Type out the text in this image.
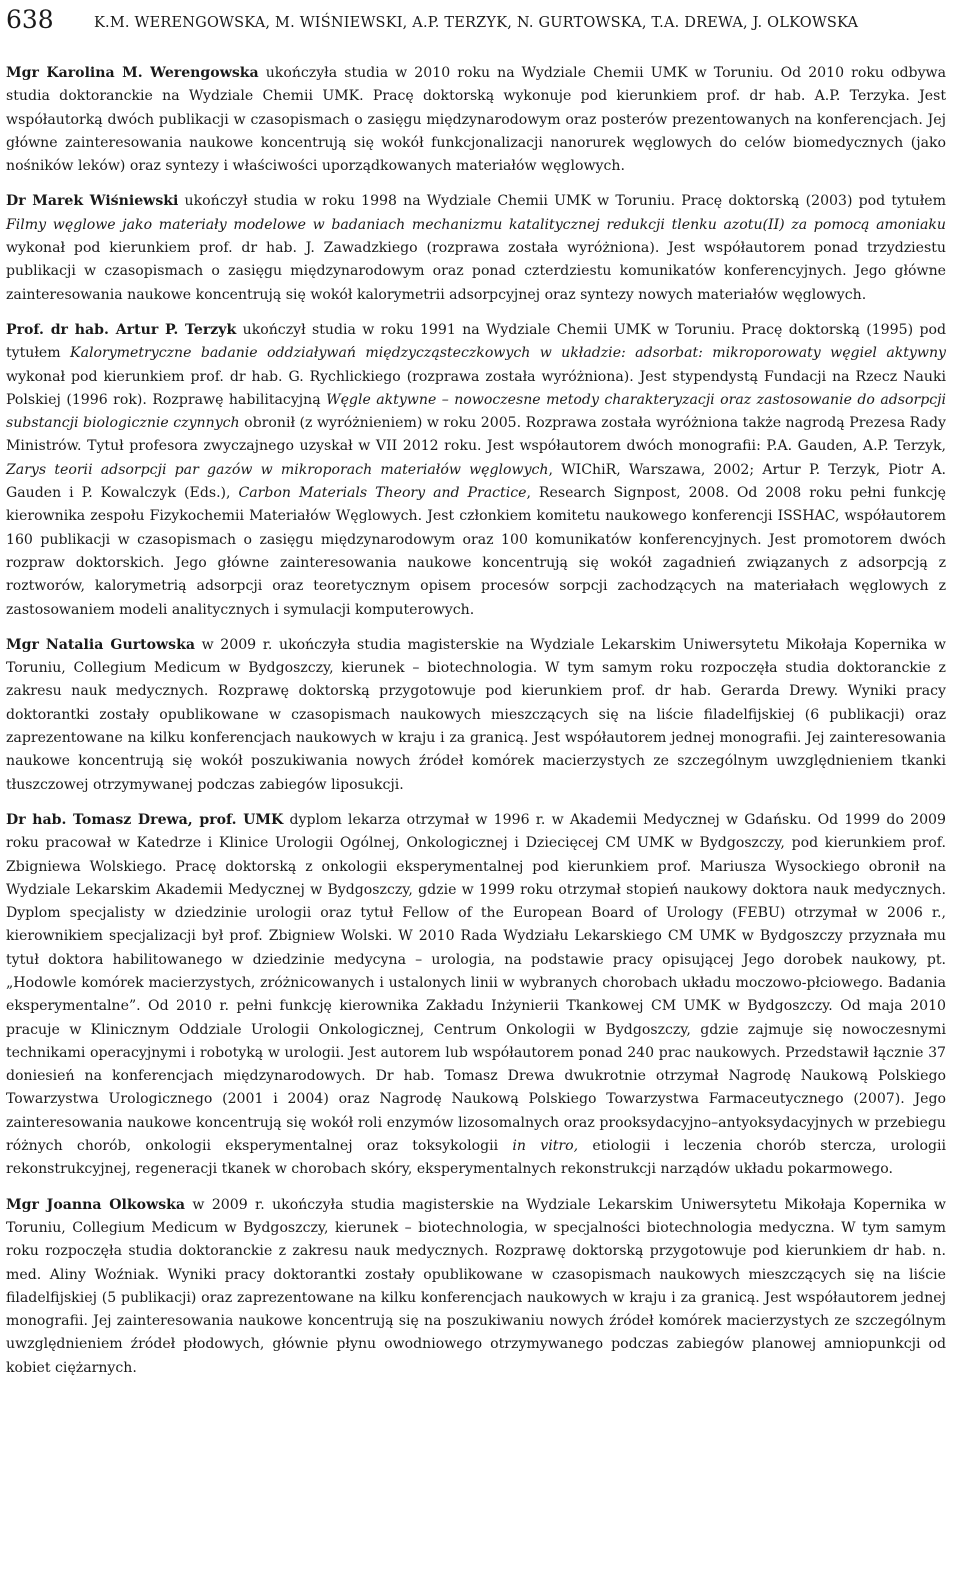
638	K.M. WERENGOWSKA, M. WIŚNIEWSKI, A.P. TERZYK, N. GURTOWSKA, T.A. DREWA, J. OLKOWSKA

Mgr Karolina M. Werengowska ukończyła studia w 2010 roku na Wydziale Chemii UMK w Toruniu. Od 2010 roku odbywa studia doktoranckie na Wydziale Chemii UMK. Pracę doktorską wykonuje pod kierunkiem prof. dr hab. A.P. Terzyka. Jest współautorką dwóch publikacji w czasopismach o zasięgu międzynarodowym oraz posterów prezentowanych na konferencjach. Jej główne zainteresowania naukowe koncentrują się wokół funkcjonalizacji nanorurek węglowych do celów biomedycznych (jako nośników leków) oraz syntezy i właściwości uporządkowanych materiałów węglowych.

Dr Marek Wiśniewski ukończył studia w roku 1998 na Wydziale Chemii UMK w Toruniu. Pracę doktorską (2003) pod tytułem Filmy węglowe jako materiały modelowe w badaniach mechanizmu katalitycznej redukcji tlenku azotu(II) za pomocą amoniaku wykonał pod kierunkiem prof. dr hab. J. Zawadzkiego (rozprawa została wyróżniona). Jest współautorem ponad trzydziestu publikacji w czasopismach o zasięgu międzynarodowym oraz ponad czterdziestu komunikatów konferencyjnych. Jego główne zainteresowania naukowe koncentrują się wokół kalorymetrii adsorpcyjnej oraz syntezy nowych materiałów węglowych.

Prof. dr hab. Artur P. Terzyk ukończył studia w roku 1991 na Wydziale Chemii UMK w Toruniu. Pracę doktorską (1995) pod tytułem Kalorymetryczne badanie oddziaływań międzycząsteczkowych w układzie: adsorbat: mikroporowaty węgiel aktywny wykonał pod kierunkiem prof. dr hab. G. Rychlickiego (rozprawa została wyróżniona). Jest stypendystą Fundacji na Rzecz Nauki Polskiej (1996 rok). Rozprawę habilitacyjną Węgle aktywne – nowoczesne metody charakteryzacji oraz zastosowanie do adsorpcji substancji biologicznie czynnych obronił (z wyróżnieniem) w roku 2005. Rozprawa została wyróżniona także nagrodą Prezesa Rady Ministrów. Tytuł profesora zwyczajnego uzyskał w VII 2012 roku. Jest współautorem dwóch monografii: P.A. Gauden, A.P. Terzyk, Zarys teorii adsorpcji par gazów w mikroporach materiałów węglowych, WIChiR, Warszawa, 2002; Artur P. Terzyk, Piotr A. Gauden i P. Kowalczyk (Eds.), Carbon Materials Theory and Practice, Research Signpost, 2008. Od 2008 roku pełni funkcję kierownika zespołu Fizykochemii Materiałów Węglowych. Jest członkiem komitetu naukowego konferencji ISSHAC, współautorem 160 publikacji w czasopismach o zasięgu międzynarodowym oraz 100 komunikatów konferencyjnych. Jest promotorem dwóch rozpraw doktorskich. Jego główne zainteresowania naukowe koncentrują się wokół zagadnień związanych z adsorpcją z roztworów, kalorymetrią adsorpcji oraz teoretycznym opisem procesów sorpcji zachodzących na materiałach węglowych z zastosowaniem modeli analitycznych i symulacji komputerowych.

Mgr Natalia Gurtowska w 2009 r. ukończyła studia magisterskie na Wydziale Lekarskim Uniwersytetu Mikołaja Kopernika w Toruniu, Collegium Medicum w Bydgoszczy, kierunek – biotechnologia. W tym samym roku rozpoczęła studia doktoranckie z zakresu nauk medycznych. Rozprawę doktorską przygotowuje pod kierunkiem prof. dr hab. Gerarda Drewy. Wyniki pracy doktorantki zostały opublikowane w czasopismach naukowych mieszczących się na liście filadelfijskiej (6 publikacji) oraz zaprezentowane na kilku konferencjach naukowych w kraju i za granicą. Jest współautorem jednej monografii. Jej zainteresowania naukowe koncentrują się wokół poszukiwania nowych źródeł komórek macierzystych ze szczególnym uwzględnieniem tkanki tłuszczowej otrzymywanej podczas zabiegów liposukcji.

Dr hab. Tomasz Drewa, prof. UMK dyplom lekarza otrzymał w 1996 r. w Akademii Medycznej w Gdańsku. Od 1999 do 2009 roku pracował w Katedrze i Klinice Urologii Ogólnej, Onkologicznej i Dziecięcej CM UMK w Bydgoszczy, pod kierunkiem prof. Zbigniewa Wolskiego. Pracę doktorską z onkologii eksperymentalnej pod kierunkiem prof. Mariusza Wysockiego obronił na Wydziale Lekarskim Akademii Medycznej w Bydgoszczy, gdzie w 1999 roku otrzymał stopień naukowy doktora nauk medycznych. Dyplom specjalisty w dziedzinie urologii oraz tytuł Fellow of the European Board of Urology (FEBU) otrzymał w 2006 r., kierownikiem specjalizacji był prof. Zbigniew Wolski. W 2010 Rada Wydziału Lekarskiego CM UMK w Bydgoszczy przyznała mu tytuł doktora habilitowanego w dziedzinie medycyna – urologia, na podstawie pracy opisującej Jego dorobek naukowy, pt. „Hodowle komórek macierzystych, zróżnicowanych i ustalonych linii w wybranych chorobach układu moczowo-płciowego. Badania eksperymentalne”. Od 2010 r. pełni funkcję kierownika Zakładu Inżynierii Tkankowej CM UMK w Bydgoszczy. Od maja 2010 pracuje w Klinicznym Oddziale Urologii Onkologicznej, Centrum Onkologii w Bydgoszczy, gdzie zajmuje się nowoczesnymi technikami operacyjnymi i robotyką w urologii. Jest autorem lub współautorem ponad 240 prac naukowych. Przedstawił łącznie 37 doniesień na konferencjach międzynarodowych. Dr hab. Tomasz Drewa dwukrotnie otrzymał Nagrodę Naukową Polskiego Towarzystwa Urologicznego (2001 i 2004) oraz Nagrodę Naukową Polskiego Towarzystwa Farmaceutycznego (2007). Jego zainteresowania naukowe koncentrują się wokół roli enzymów lizosomalnych oraz prooksydacyjno–antyoksydacyjnych w przebiegu różnych chorób, onkologii eksperymentalnej oraz toksykologii in vitro, etiologii i leczenia chorób sterczа, urologii rekonstrukcyjnej, regeneracji tkanek w chorobach skóry, eksperymentalnych rekonstrukcji narządów układu pokarmowego.

Mgr Joanna Olkowska w 2009 r. ukończyła studia magisterskie na Wydziale Lekarskim Uniwersytetu Mikołaja Kopernika w Toruniu, Collegium Medicum w Bydgoszczy, kierunek – biotechnologia, w specjalności biotechnologia medyczna. W tym samym roku rozpoczęła studia doktoranckie z zakresu nauk medycznych. Rozprawę doktorską przygotowuje pod kierunkiem dr hab. n. med. Aliny Woźniak. Wyniki pracy doktorantki zostały opublikowane w czasopismach naukowych mieszczących się na liście filadelfijskiej (5 publikacji) oraz zaprezentowane na kilku konferencjach naukowych w kraju i za granicą. Jest współautorem jednej monografii. Jej zainteresowania naukowe koncentrują się na poszukiwaniu nowych źródeł komórek macierzystych ze szczególnym uwzględnieniem źródeł płodowych, głównie płynu owodniowego otrzymywanego podczas zabiegów planowej amniopunkcji od kobiet ciężarnych.
